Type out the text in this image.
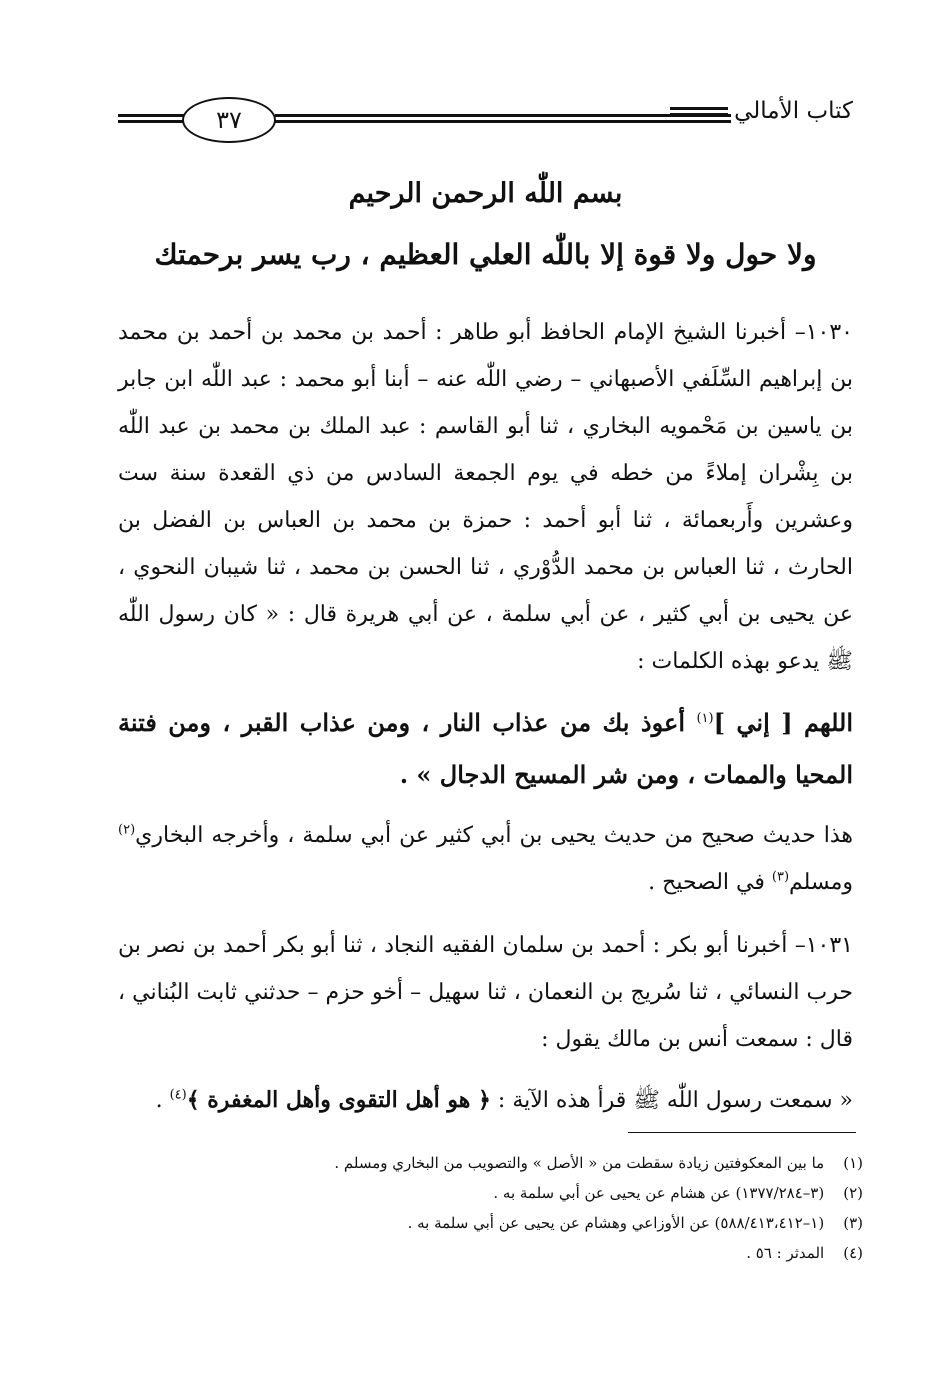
٣٧	كتاب الأمالي
بسم اللّٰه الرحمن الرحيم
ولا حول ولا قوة إلا باللّٰه العلي العظيم ، رب يسر برحمتك
١٠٣٠– أخبرنا الشيخ الإمام الحافظ أبو طاهر : أحمد بن محمد بن أحمد بن محمد بن إبراهيم السِّلَفي الأصبهاني – رضي اللّٰه عنه – أبنا أبو محمد : عبد اللّٰه ابن جابر بن ياسين بن مَحْمويه البخاري ، ثنا أبو القاسم : عبد الملك بن محمد بن عبد اللّٰه بن بِشْران إملاءً من خطه في يوم الجمعة السادس من ذي القعدة سنة ست وعشرين وأَربعمائة ، ثنا أبو أحمد : حمزة بن محمد بن العباس بن الفضل بن الحارث ، ثنا العباس بن محمد الدُّوْري ، ثنا الحسن بن محمد ، ثنا شيبان النحوي ، عن يحيى بن أبي كثير ، عن أبي سلمة ، عن أبي هريرة قال : « كان رسول اللّٰه ﷺ يدعو بهذه الكلمات :
اللهم [ إني ]$^{(١)}$ أعوذ بك من عذاب النار ، ومن عذاب القبر ، ومن فتنة المحيا والممات ، ومن شر المسيح الدجال » .
هذا حديث صحيح من حديث يحيى بن أبي كثير عن أبي سلمة ، وأخرجه البخاري$^{(٢)}$ ومسلم$^{(٣)}$ في الصحيح .
١٠٣١– أخبرنا أبو بكر : أحمد بن سلمان الفقيه النجاد ، ثنا أبو بكر أحمد بن نصر بن حرب النسائي ، ثنا سُريج بن النعمان ، ثنا سهيل – أخو حزم – حدثني ثابت البُناني ، قال : سمعت أنس بن مالك يقول :
« سمعت رسول اللّٰه ﷺ قرأ هذه الآية : ﴿ هو أهل التقوى وأهل المغفرة ﴾$^{(٤)}$ .
(١) ما بين المعكوفتين زيادة سقطت من « الأصل » والتصويب من البخاري ومسلم .
(٢) (٣–١٣٧٧/٢٨٤) عن هشام عن يحيى عن أبي سلمة به .
(٣) (١–٥٨٨/٤١٣،٤١٢) عن الأوزاعي وهشام عن يحيى عن أبي سلمة به .
(٤) المدثر : ٥٦ .
